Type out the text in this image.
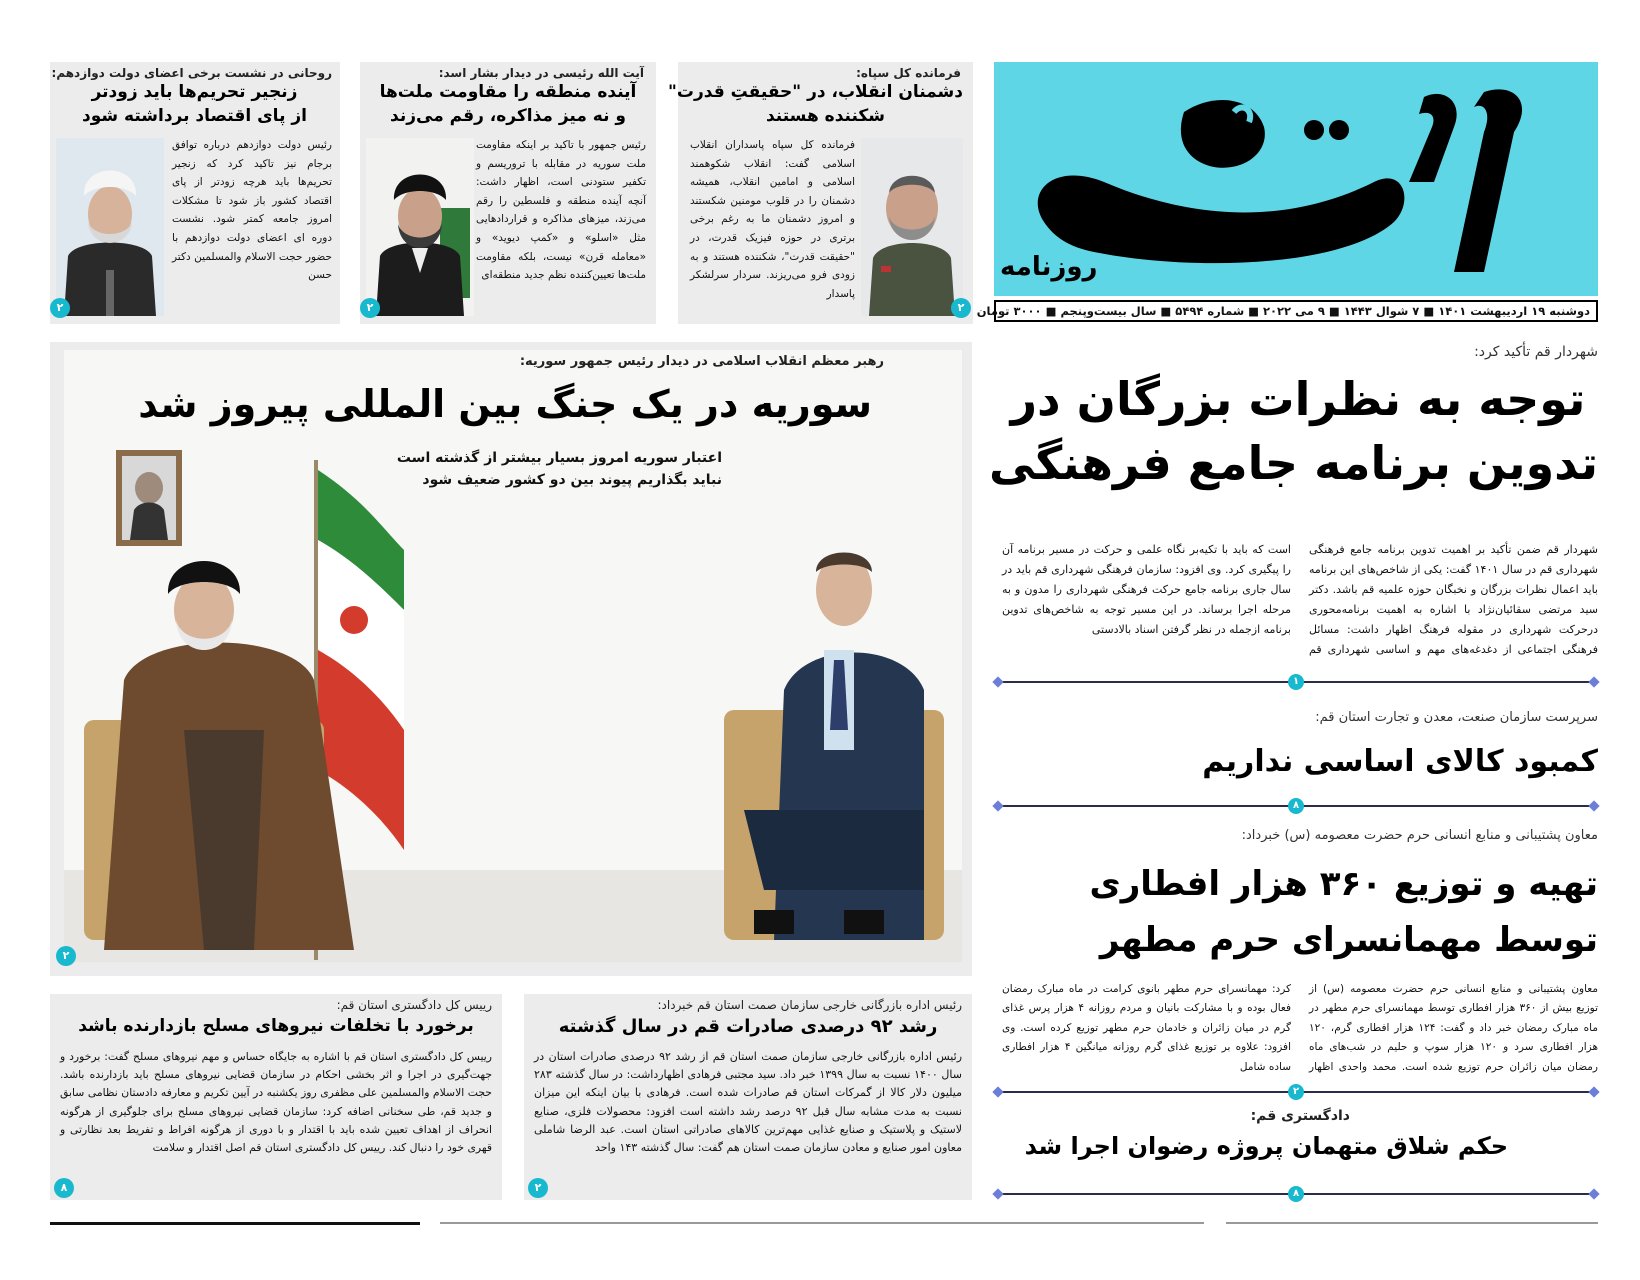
روزنامه
دوشنبه ۱۹ اردیبهشت ۱۴۰۱ ■ ۷ شوال ۱۴۴۳ ■ ۹ می ۲۰۲۲ ■ شماره ۵۴۹۴ ■ سال بیست‌وپنجم ■ ۳۰۰۰ تومان
فرمانده کل سپاه:
دشمنان انقلاب، در "حقیقتِ قدرت"
شکننده هستند
فرمانده کل سپاه پاسداران انقلاب اسلامی گفت: انقلاب شکوهمند اسلامی و امامین انقلاب، همیشه دشمنان را در قلوب مومنین شکستند و امروز دشمنان ما به رغم برخی برتری در حوزه فیزیک قدرت، در "حقیقت قدرت"، شکننده هستند و به زودی فرو می‌ریزند. سردار سرلشکر پاسدار
۲
آیت الله رئیسی در دیدار بشار اسد:
آینده منطقه را مقاومت ملت‌ها
و نه میز مذاکره، رقم می‌زند
رئیس جمهور با تاکید بر اینکه مقاومت ملت سوریه در مقابله با تروریسم و تکفیر ستودنی است، اظهار داشت: آنچه آینده منطقه و فلسطین را رقم می‌زند، میزهای مذاکره و قراردادهایی مثل «اسلو» و «کمپ دیوید» و «معامله قرن» نیست، بلکه مقاومت ملت‌ها تعیین‌کننده نظم جدید منطقه‌ای
۲
روحانی در نشست برخی اعضای دولت دوازدهم:
زنجیر تحریم‌ها باید زودتر
از پای اقتصاد برداشته شود
رئیس دولت دوازدهم درباره توافق برجام نیز تاکید کرد که زنجیر تحریم‌ها باید هرچه زودتر از پای اقتصاد کشور باز شود تا مشکلات امروز جامعه کمتر شود. نشست دوره ای اعضای دولت دوازدهم با حضور حجت الاسلام والمسلمین دکتر حسن
۲
رهبر معظم انقلاب اسلامی در دیدار رئیس جمهور سوریه:
سوریه در یک جنگ بین المللی پیروز شد
اعتبار سوریه امروز بسیار بیشتر از گذشته است
نباید بگذاریم پیوند بین دو کشور ضعیف شود
۲
شهردار قم تأکید کرد:
توجه به نظرات بزرگان در
تدوین برنامه جامع فرهنگی
شهردار قم ضمن تأکید بر اهمیت تدوین برنامه جامع فرهنگی شهرداری قم در سال ۱۴۰۱ گفت: یکی از شاخص‌های این برنامه باید اعمال نظرات بزرگان و نخبگان حوزه علمیه قم باشد. دکتر سید مرتضی سقائیان‌نژاد با اشاره به اهمیت برنامه‌محوری درحرکت شهرداری در مقوله فرهنگ اظهار داشت: مسائل فرهنگی اجتماعی از دغدغه‌های مهم و اساسی شهرداری قم است که باید با تکیه‌بر نگاه علمی و حرکت در مسیر برنامه آن را پیگیری کرد. وی افزود: سازمان فرهنگی شهرداری قم باید در سال جاری برنامه جامع حرکت فرهنگی شهرداری را مدون و به مرحله اجرا برساند. در این مسیر توجه به شاخص‌های تدوین برنامه ازجمله در نظر گرفتن اسناد بالادستی
۱
سرپرست سازمان صنعت، معدن و تجارت استان قم:
کمبود کالای اساسی نداریم
۸
معاون پشتیبانی و منابع انسانی حرم حضرت معصومه (س) خبرداد:
تهیه و توزیع ۳۶۰ هزار افطاری
توسط مهمانسرای حرم مطهر
معاون پشتیبانی و منابع انسانی حرم حضرت معصومه (س) از توزیع بیش از ۳۶۰ هزار افطاری توسط مهمانسرای حرم مطهر در ماه مبارک رمضان خبر داد و گفت: ۱۲۴ هزار افطاری گرم، ۱۲۰ هزار افطاری سرد و ۱۲۰ هزار سوپ و حلیم در شب‌های ماه رمضان میان زائران حرم توزیع شده است. محمد واحدی اظهار کرد: مهمانسرای حرم مطهر بانوی کرامت در ماه مبارک رمضان فعال بوده و با مشارکت بانیان و مردم روزانه ۴ هزار پرس غذای گرم در میان زائران و خادمان حرم مطهر توزیع کرده است. وی افزود: علاوه بر توزیع غذای گرم روزانه میانگین ۴ هزار افطاری ساده شامل
۲
دادگستری قم:
حکم شلاق متهمان پروژه رضوان اجرا شد
۸
رئیس اداره بازرگانی خارجی سازمان صمت استان قم خبرداد:
رشد ۹۲ درصدی صادرات قم در سال گذشته
رئیس اداره بازرگانی خارجی سازمان صمت استان قم از رشد ۹۲ درصدی صادرات استان در سال ۱۴۰۰ نسبت به سال ۱۳۹۹ خبر داد. سید مجتبی فرهادی اظهارداشت: در سال گذشته ۲۸۳ میلیون دلار کالا از گمرکات استان قم صادرات شده است. فرهادی با بیان اینکه این میزان نسبت به مدت مشابه سال قبل ۹۲ درصد رشد داشته است افزود: محصولات فلزی، صنایع لاستیک و پلاستیک و صنایع غذایی مهم‌ترین کالاهای صادراتی استان است. عبد الرضا شاملی معاون امور صنایع و معادن سازمان صمت استان هم گفت: سال گذشته ۱۴۳ واحد
۲
رییس کل دادگستری استان قم:
برخورد با تخلفات نیروهای مسلح بازدارنده باشد
رییس کل دادگستری استان قم با اشاره به جایگاه حساس و مهم نیروهای مسلح گفت: برخورد و جهت‌گیری در اجرا و اثر بخشی احکام در سازمان قضایی نیروهای مسلح باید بازدارنده باشد. حجت الاسلام والمسلمین علی مظفری روز یکشنبه در آیین تکریم و معارفه دادستان نظامی سابق و جدید قم، طی سخنانی اضافه کرد: سازمان قضایی نیروهای مسلح برای جلوگیری از هرگونه انحراف از اهداف تعیین شده باید با اقتدار و با دوری از هرگونه افراط و تفریط بعد نظارتی و قهری خود را دنبال کند. رییس کل دادگستری استان قم اصل اقتدار و سلامت
۸
